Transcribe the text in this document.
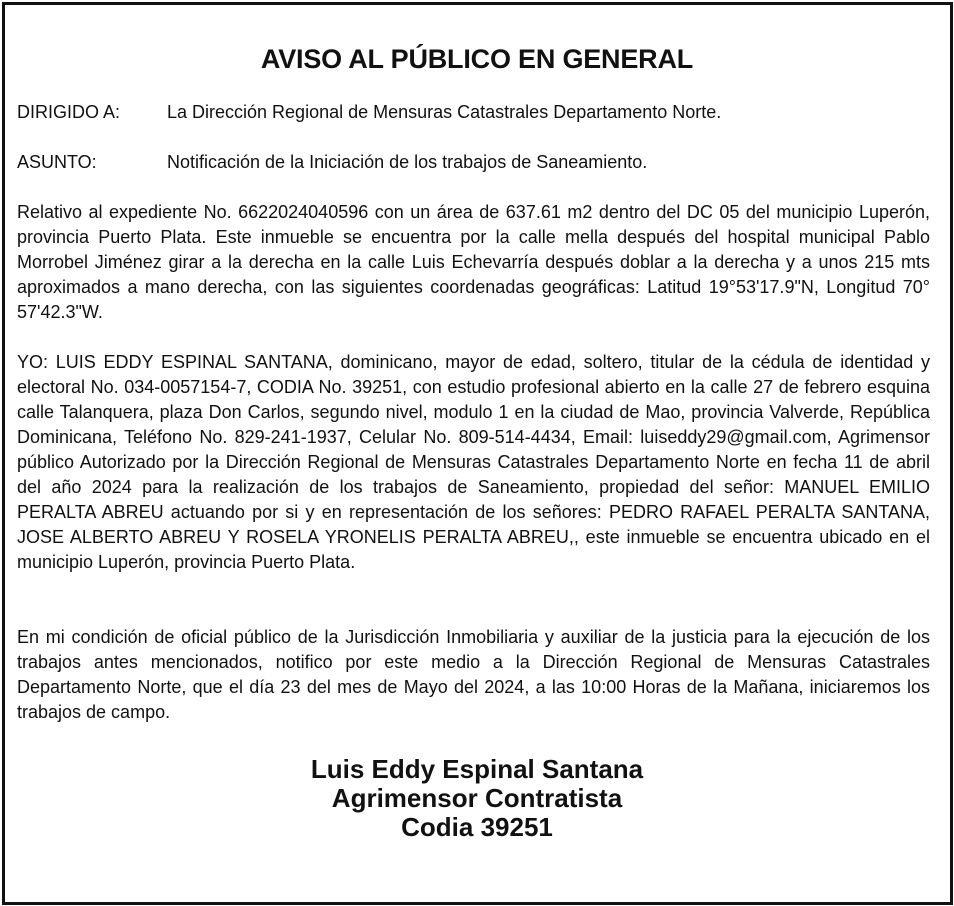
AVISO AL PÚBLICO EN GENERAL
DIRIGIDO A:	La Dirección Regional de Mensuras Catastrales Departamento Norte.
ASUNTO:	Notificación de la Iniciación de los trabajos de Saneamiento.

Relativo al expediente No. 6622024040596 con un área de 637.61 m2 dentro del DC 05 del municipio Luperón, provincia Puerto Plata. Este inmueble se encuentra por la calle mella después del hospital municipal Pablo Morrobel Jiménez girar a la derecha en la calle Luis Echevarría después doblar a la derecha y a unos 215 mts aproximados a mano derecha, con las siguientes coordenadas geográficas: Latitud 19°53'17.9"N, Longitud 70° 57'42.3"W.

YO: LUIS EDDY ESPINAL SANTANA, dominicano, mayor de edad, soltero, titular de la cédula de identidad y electoral No. 034-0057154-7, CODIA No. 39251, con estudio profesional abierto en la calle 27 de febrero esquina calle Talanquera, plaza Don Carlos, segundo nivel, modulo 1 en la ciudad de Mao, provincia Valverde, República Dominicana, Teléfono No. 829-241-1937, Celular No. 809-514-4434, Email: luiseddy29@gmail.com, Agrimensor público Autorizado por la Dirección Regional de Mensuras Catastrales Departamento Norte en fecha 11 de abril del año 2024 para la realización de los trabajos de Saneamiento, propiedad del señor: MANUEL EMILIO PERALTA ABREU actuando por si y en representación de los señores: PEDRO RAFAEL PERALTA SANTANA, JOSE ALBERTO ABREU Y ROSELA YRONELIS PERALTA ABREU,, este inmueble se encuentra ubicado en el municipio Luperón, provincia Puerto Plata.

En mi condición de oficial público de la Jurisdicción Inmobiliaria y auxiliar de la justicia para la ejecución de los trabajos antes mencionados, notifico por este medio a la Dirección Regional de Mensuras Catastrales Departamento Norte, que el día 23 del mes de Mayo del 2024, a las 10:00 Horas de la Mañana, iniciaremos los trabajos de campo.

Luis Eddy Espinal Santana
Agrimensor Contratista
Codia 39251
